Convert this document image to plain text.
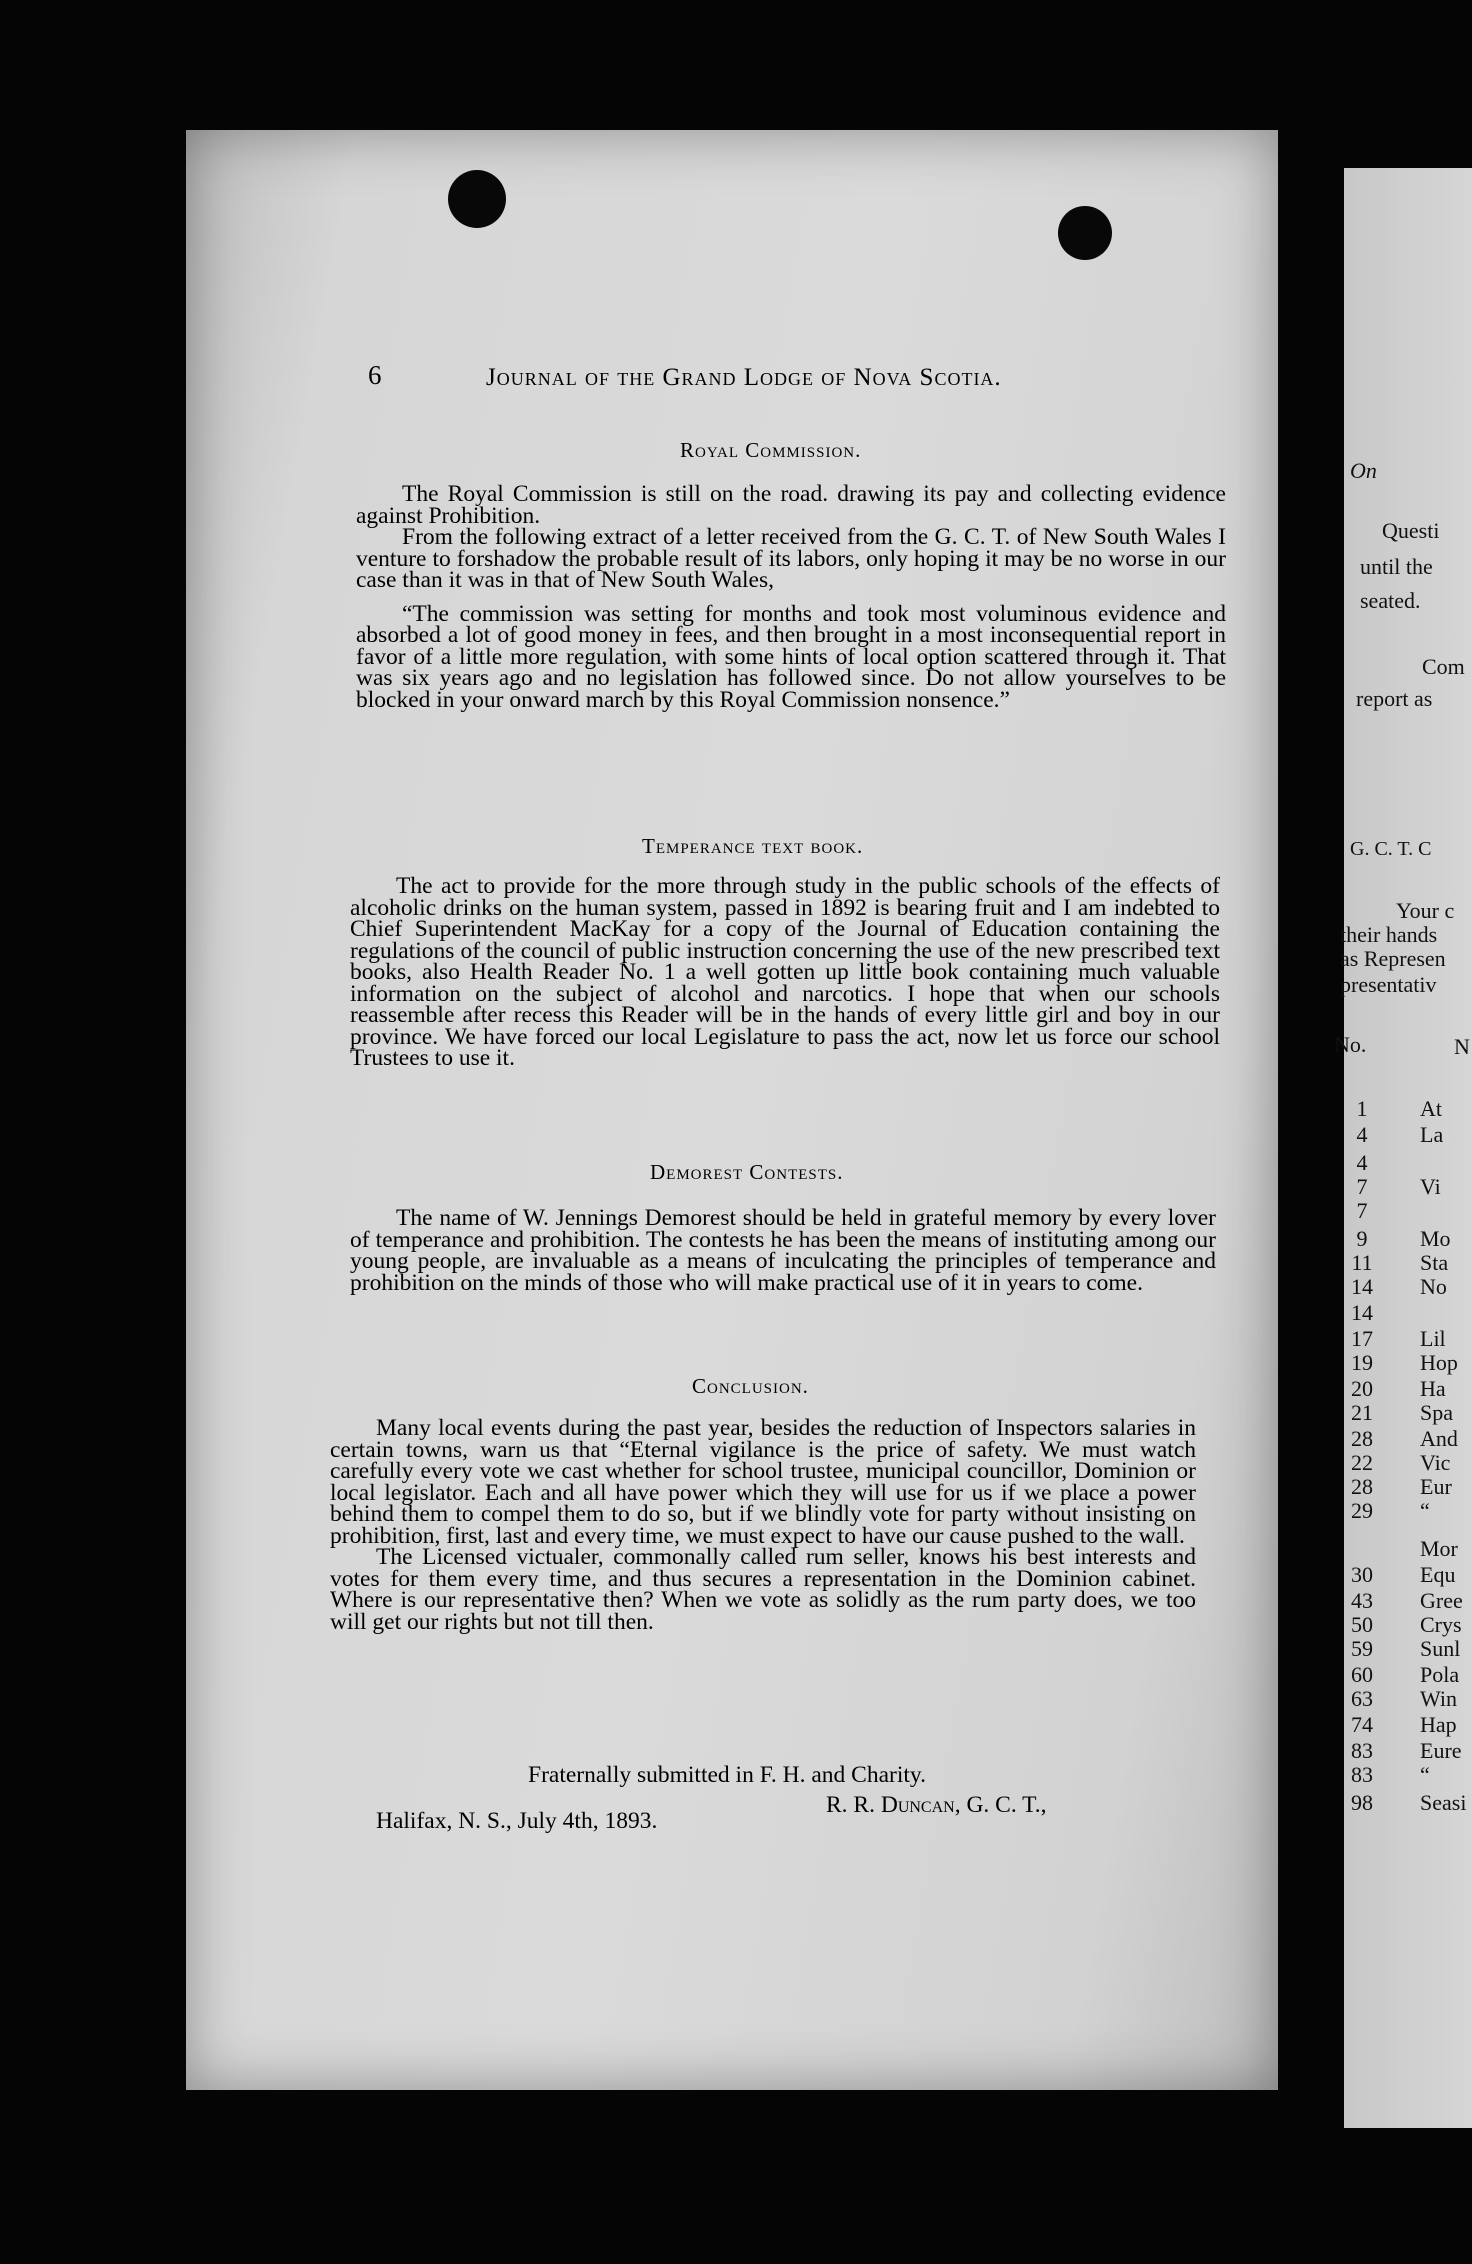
6	Journal of the Grand Lodge of Nova Scotia.
Royal Commission.

The Royal Commission is still on the road. drawing its pay and collecting evidence against Prohibition.

From the following extract of a letter received from the G. C. T. of New South Wales I venture to forshadow the probable result of its labors, only hoping it may be no worse in our case than it was in that of New South Wales,

“The commission was setting for months and took most voluminous evidence and absorbed a lot of good money in fees, and then brought in a most inconsequential report in favor of a little more regulation, with some hints of local option scattered through it. That was six years ago and no legislation has followed since. Do not allow yourselves to be blocked in your onward march by this Royal Commission nonsence.”

Temperance text book.

The act to provide for the more through study in the public schools of the effects of alcoholic drinks on the human system, passed in 1892 is bearing fruit and I am indebted to Chief Superintendent MacKay for a copy of the Journal of Education containing the regulations of the council of public instruction concerning the use of the new prescribed text books, also Health Reader No. 1 a well gotten up little book containing much valuable information on the subject of alcohol and narcotics. I hope that when our schools reassemble after recess this Reader will be in the hands of every little girl and boy in our province. We have forced our local Legislature to pass the act, now let us force our school Trustees to use it.

Demorest Contests.

The name of W. Jennings Demorest should be held in grateful memory by every lover of temperance and prohibition. The contests he has been the means of instituting among our young people, are invaluable as a means of inculcating the principles of temperance and prohibition on the minds of those who will make practical use of it in years to come.

Conclusion.

Many local events during the past year, besides the reduction of Inspectors salaries in certain towns, warn us that “Eternal vigilance is the price of safety. We must watch carefully every vote we cast whether for school trustee, municipal councillor, Dominion or local legislator. Each and all have power which they will use for us if we place a power behind them to compel them to do so, but if we blindly vote for party without insisting on prohibition, first, last and every time, we must expect to have our cause pushed to the wall.

The Licensed victualer, commonally called rum seller, knows his best interests and votes for them every time, and thus secures a representation in the Dominion cabinet. Where is our representative then? When we vote as solidly as the rum party does, we too will get our rights but not till then.

Fraternally submitted in F. H. and Charity.
R. R. Duncan, G. C. T.,
Halifax, N. S., July 4th, 1893.
On
Questi
until the
seated.
Com
report as
G. C. T. C
Your c
their hands
as Represen
presentativ
No.	N
1
4
4
7
7
9
11
14
14
17
19
20
21
28
22
28
29
30
43
50
59
60
63
74
83
83
98
At
La
Vi
Mo
Sta
No
Lil
Hop
Ha
Spa
And
Vic
Eur
“
Mor
Equ
Gree
Crys
Sunl
Pola
Win
Hap
Eure
“
Seasi
